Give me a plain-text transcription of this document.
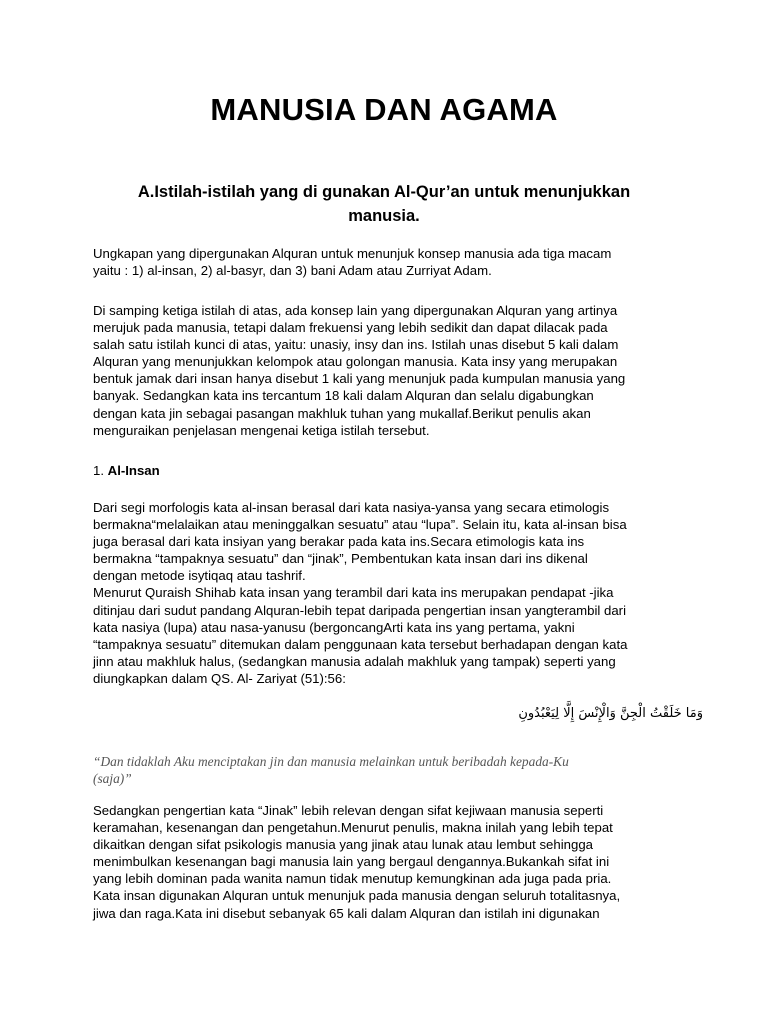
MANUSIA DAN AGAMA
A.Istilah-istilah yang di gunakan Al-Qur’an untuk menunjukkan
manusia.

Ungkapan yang dipergunakan Alquran untuk menunjuk konsep manusia ada tiga macam
yaitu : 1) al-insan, 2) al-basyr, dan 3) bani Adam atau Zurriyat Adam.

Di samping ketiga istilah di atas, ada konsep lain yang dipergunakan Alquran yang artinya
merujuk pada manusia, tetapi dalam frekuensi yang lebih sedikit dan dapat dilacak pada
salah satu istilah kunci di atas, yaitu: unasiy, insy dan ins. Istilah unas disebut 5 kali dalam
Alquran yang menunjukkan kelompok atau golongan manusia. Kata insy yang merupakan
bentuk jamak dari insan hanya disebut 1 kali yang menunjuk pada kumpulan manusia yang
banyak. Sedangkan kata ins tercantum 18 kali dalam Alquran dan selalu digabungkan
dengan kata jin sebagai pasangan makhluk tuhan yang mukallaf.Berikut penulis akan
menguraikan penjelasan mengenai ketiga istilah tersebut.

1. Al-Insan

Dari segi morfologis kata al-insan berasal dari kata nasiya-yansa yang secara etimologis
bermakna“melalaikan atau meninggalkan sesuatu” atau “lupa”. Selain itu, kata al-insan bisa
juga berasal dari kata insiyan yang berakar pada kata ins.Secara etimologis kata ins
bermakna “tampaknya sesuatu” dan “jinak”, Pembentukan kata insan dari ins dikenal
dengan metode isytiqaq atau tashrif.
Menurut Quraish Shihab kata insan yang terambil dari kata ins merupakan pendapat -jika
ditinjau dari sudut pandang Alquran-lebih tepat daripada pengertian insan yangterambil dari
kata nasiya (lupa) atau nasa-yanusu (bergoncangArti kata ins yang pertama, yakni
“tampaknya sesuatu” ditemukan dalam penggunaan kata tersebut berhadapan dengan kata
jinn atau makhluk halus, (sedangkan manusia adalah makhluk yang tampak) seperti yang
diungkapkan dalam QS. Al- Zariyat (51):56:

وَمَا خَلَقْتُ الْجِنَّ وَالْإِنْسَ إِلَّا لِيَعْبُدُونِ

“Dan tidaklah Aku menciptakan jin dan manusia melainkan untuk beribadah kepada-Ku
(saja)”

Sedangkan pengertian kata “Jinak” lebih relevan dengan sifat kejiwaan manusia seperti
keramahan, kesenangan dan pengetahun.Menurut penulis, makna inilah yang lebih tepat
dikaitkan dengan sifat psikologis manusia yang jinak atau lunak atau lembut sehingga
menimbulkan kesenangan bagi manusia lain yang bergaul dengannya.Bukankah sifat ini
yang lebih dominan pada wanita namun tidak menutup kemungkinan ada juga pada pria.
Kata insan digunakan Alquran untuk menunjuk pada manusia dengan seluruh totalitasnya,
jiwa dan raga.Kata ini disebut sebanyak 65 kali dalam Alquran dan istilah ini digunakan
